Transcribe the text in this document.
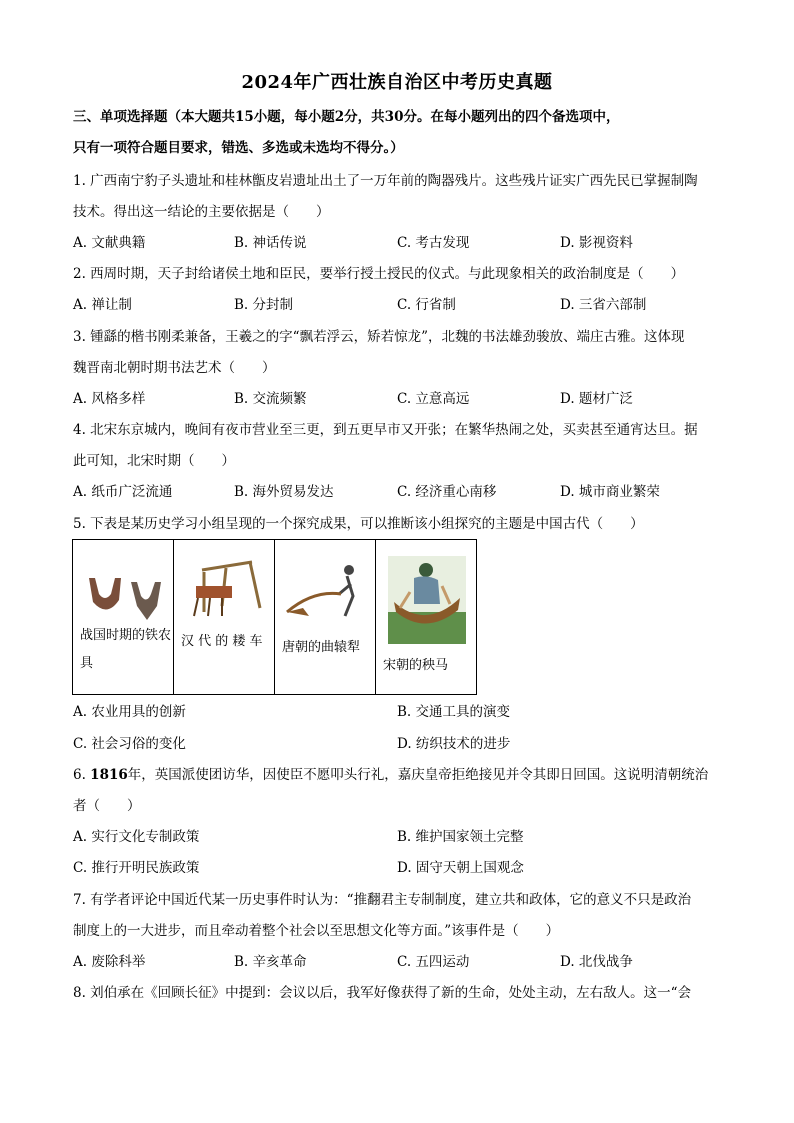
2024年广西壮族自治区中考历史真题
三、单项选择题（本大题共15小题，每小题2分，共30分。在每小题列出的四个备选项中，
只有一项符合题目要求，错选、多选或未选均不得分。）
1. 广西南宁豹子头遗址和桂林甑皮岩遗址出土了一万年前的陶器残片。这些残片证实广西先民已掌握制陶
技术。得出这一结论的主要依据是（　　）
A. 文献典籍	B. 神话传说	C. 考古发现	D. 影视资料
2. 西周时期，天子封给诸侯土地和臣民，要举行授土授民的仪式。与此现象相关的政治制度是（　　）
A. 禅让制	B. 分封制	C. 行省制	D. 三省六部制
3. 锺繇的楷书刚柔兼备，王羲之的字“飘若浮云，矫若惊龙”，北魏的书法雄劲骏放、端庄古雅。这体现
魏晋南北朝时期书法艺术（　　）
A. 风格多样	B. 交流频繁	C. 立意高远	D. 题材广泛
4. 北宋东京城内，晚间有夜市营业至三更，到五更早市又开张；在繁华热闹之处，买卖甚至通宵达旦。据
此可知，北宋时期（　　）
A. 纸币广泛流通	B. 海外贸易发达	C. 经济重心南移	D. 城市商业繁荣
5. 下表是某历史学习小组呈现的一个探究成果，可以推断该小组探究的主题是中国古代（　　）
战国时期的铁农具

汉 代 的 耧 车	唐朝的曲辕犁

宋朝的秧马
A. 农业用具的创新	B. 交通工具的演变
C. 社会习俗的变化	D. 纺织技术的进步
6. 1816年，英国派使团访华，因使臣不愿叩头行礼，嘉庆皇帝拒绝接见并令其即日回国。这说明清朝统治
者（　　）
A. 实行文化专制政策	B. 维护国家领土完整
C. 推行开明民族政策	D. 固守天朝上国观念
7. 有学者评论中国近代某一历史事件时认为：“推翻君主专制制度，建立共和政体，它的意义不只是政治
制度上的一大进步，而且牵动着整个社会以至思想文化等方面。”该事件是（　　）
A. 废除科举	B. 辛亥革命	C. 五四运动	D. 北伐战争
8. 刘伯承在《回顾长征》中提到：会议以后，我军好像获得了新的生命，处处主动，左右敌人。这一“会
